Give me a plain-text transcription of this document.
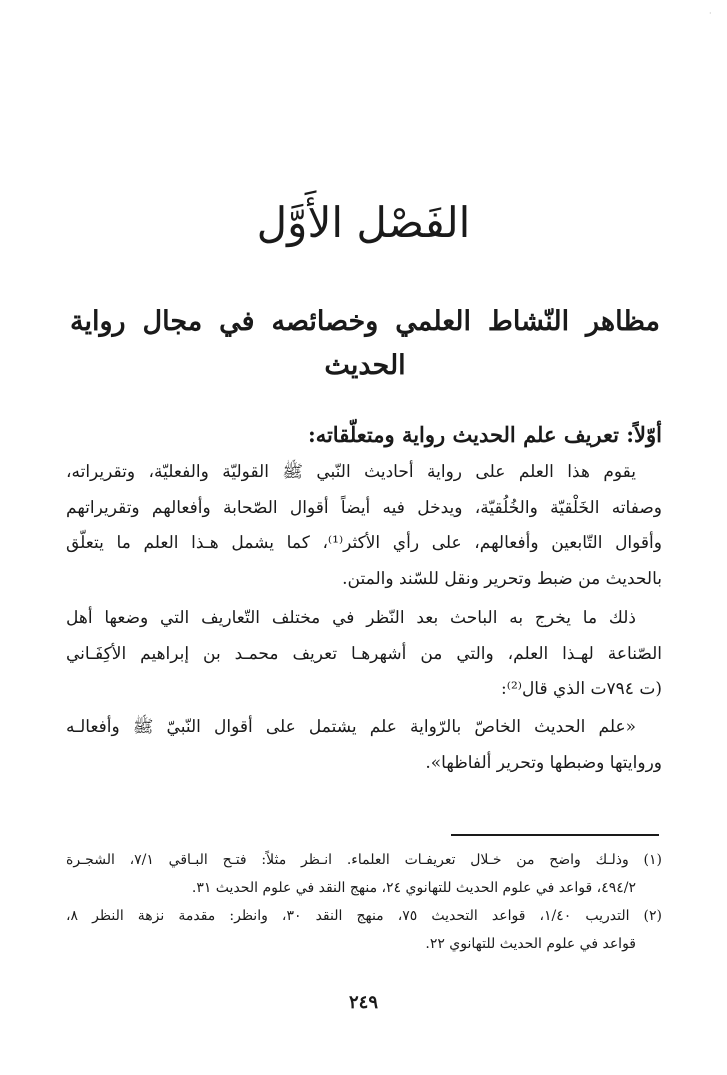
·
الفَصْل الأَوَّل
مظاهر النّشاط العلمي وخصائصه في مجال رواية
الحديث
أوّلاً: تعريف علم الحديث رواية ومتعلّقاته:

يقوم هذا العلم على رواية أحاديث النّبي ﷺ القوليّة والفعليّة، وتقريراته،
وصفاته الخَلْقيّة والخُلُقيّة، ويدخل فيه أيضاً أقوال الصّحابة وأفعالهم وتقريراتهم
وأقوال التّابعين وأفعالهم، على رأي الأكثر⁽¹⁾، كما يشمل هـذا العلم ما يتعلّق
بالحديث من ضبط وتحرير ونقل للسّند والمتن.

ذلك ما يخرج به الباحث بعد النّظر في مختلف التّعاريف التي وضعها أهل
الصّناعة لهـذا العلم، والتي من أشهرهـا تعريف محمـد بن إبراهيم الأكِفَـاني
(ت ٧٩٤ت الذي قال⁽²⁾:

«علم الحديث الخاصّ بالرّواية علم يشتمل على أقوال النّبيّ ﷺ وأفعالـه
وروايتها وضبطها وتحرير ألفاظها».

(١) وذلـك واضح من خـلال تعريفـات العلماء. انـظر مثلاً: فتـح البـاقي ٧/١، الشجـرة
٤٩٤/٢، قواعد في علوم الحديث للتهانوي ٢٤، منهج النقد في علوم الحديث ٣١.
(٢) التدريب ١/٤٠، قواعد التحديث ٧٥، منهج النقد ٣٠، وانظر: مقدمة نزهة النظر ٨،
قواعد في علوم الحديث للتهانوي ٢٢.
٢٤٩
